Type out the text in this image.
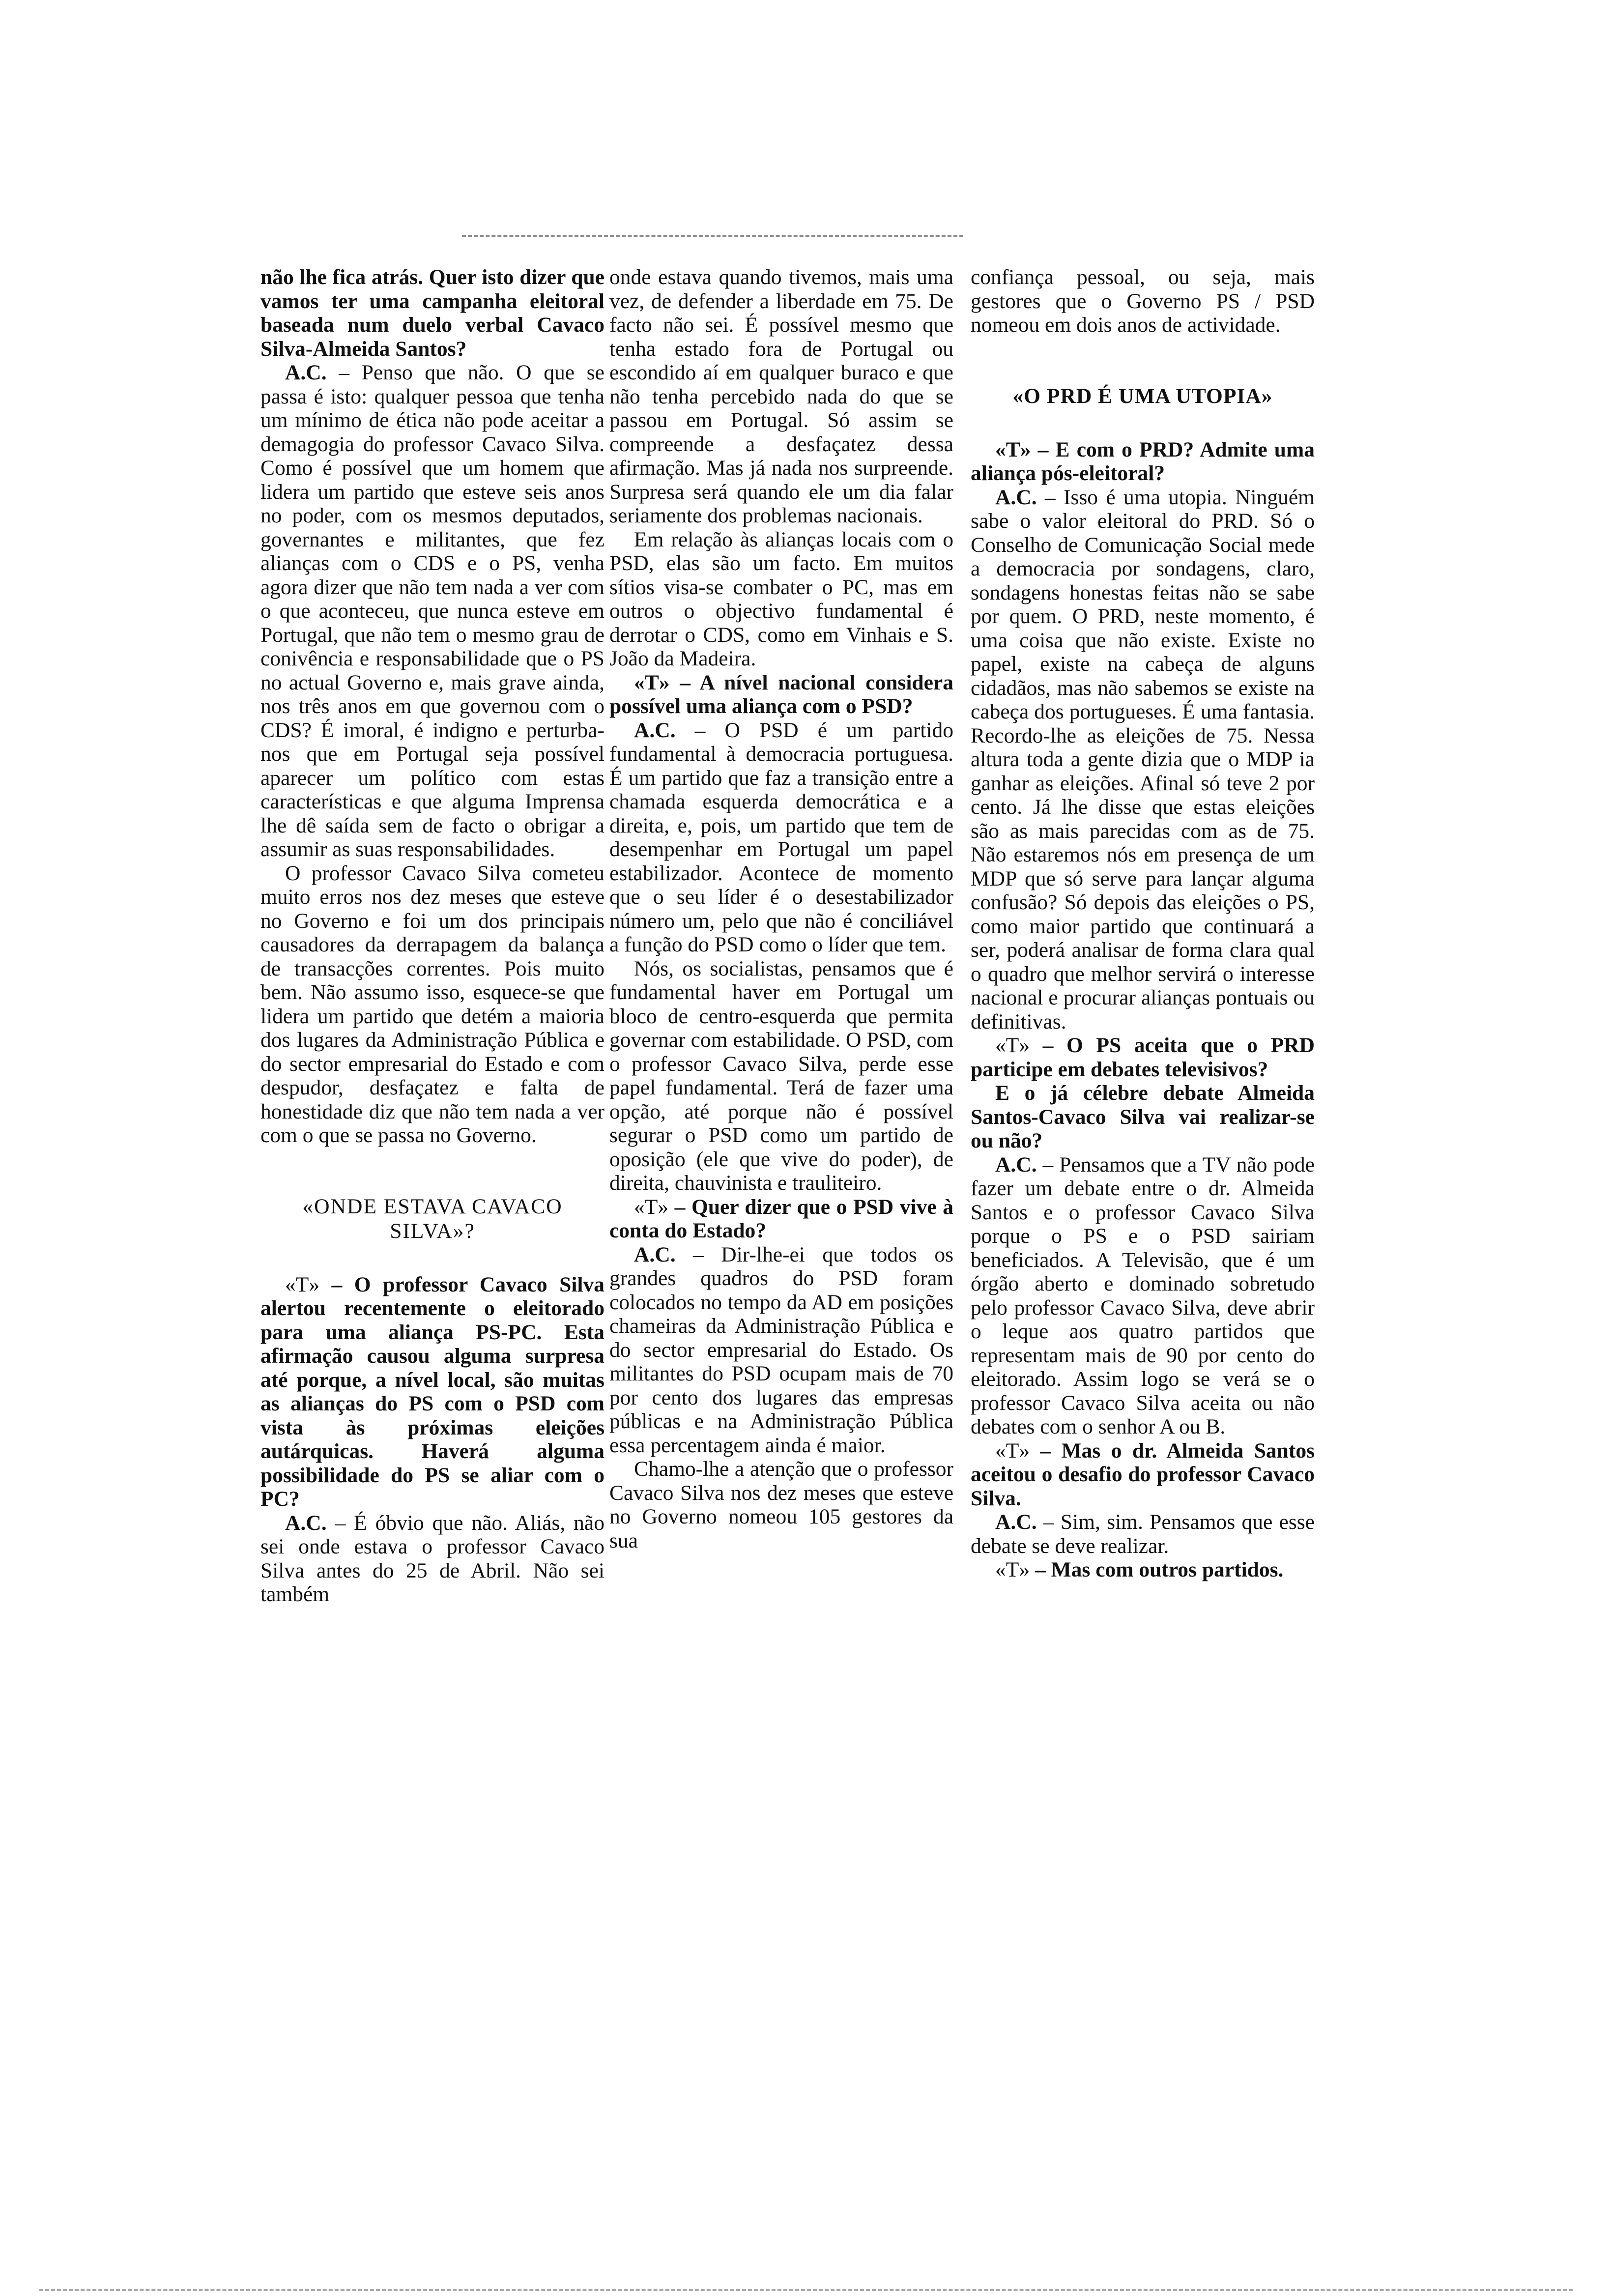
não lhe fica atrás. Quer isto dizer que vamos ter uma campanha eleitoral baseada num duelo verbal Cavaco Silva-Almeida Santos?

A.C. – Penso que não. O que se passa é isto: qualquer pessoa que tenha um mínimo de ética não pode aceitar a demagogia do professor Cavaco Silva. Como é possível que um homem que lidera um partido que esteve seis anos no poder, com os mesmos deputados, governantes e militantes, que fez alianças com o CDS e o PS, venha agora dizer que não tem nada a ver com o que aconteceu, que nunca esteve em Portugal, que não tem o mesmo grau de conivência e responsabilidade que o PS no actual Governo e, mais grave ainda, nos três anos em que governou com o CDS? É imoral, é indigno e perturba-nos que em Portugal seja possível aparecer um político com estas características e que alguma Imprensa lhe dê saída sem de facto o obrigar a assumir as suas responsabilidades.

O professor Cavaco Silva cometeu muito erros nos dez meses que esteve no Governo e foi um dos principais causadores da derrapagem da balança de transacções correntes. Pois muito bem. Não assumo isso, esquece-se que lidera um partido que detém a maioria dos lugares da Administração Pública e do sector empresarial do Estado e com despudor, desfaçatez e falta de honestidade diz que não tem nada a ver com o que se passa no Governo.

«ONDE ESTAVA CAVACO SILVA»?

«T» – O professor Cavaco Silva alertou recentemente o eleitorado para uma aliança PS-PC. Esta afirmação causou alguma surpresa até porque, a nível local, são muitas as alianças do PS com o PSD com vista às próximas eleições autárquicas. Haverá alguma possibilidade do PS se aliar com o PC?

A.C. – É óbvio que não. Aliás, não sei onde estava o professor Cavaco Silva antes do 25 de Abril. Não sei também

onde estava quando tivemos, mais uma vez, de defender a liberdade em 75. De facto não sei. É possível mesmo que tenha estado fora de Portugal ou escondido aí em qualquer buraco e que não tenha percebido nada do que se passou em Portugal. Só assim se compreende a desfaçatez dessa afirmação. Mas já nada nos surpreende. Surpresa será quando ele um dia falar seriamente dos problemas nacionais.

Em relação às alianças locais com o PSD, elas são um facto. Em muitos sítios visa-se combater o PC, mas em outros o objectivo fundamental é derrotar o CDS, como em Vinhais e S. João da Madeira.

«T» – A nível nacional considera possível uma aliança com o PSD?

A.C. – O PSD é um partido fundamental à democracia portuguesa. É um partido que faz a transição entre a chamada esquerda democrática e a direita, e, pois, um partido que tem de desempenhar em Portugal um papel estabilizador. Acontece de momento que o seu líder é o desestabilizador número um, pelo que não é conciliável a função do PSD como o líder que tem.

Nós, os socialistas, pensamos que é fundamental haver em Portugal um bloco de centro-esquerda que permita governar com estabilidade. O PSD, com o professor Cavaco Silva, perde esse papel fundamental. Terá de fazer uma opção, até porque não é possível segurar o PSD como um partido de oposição (ele que vive do poder), de direita, chauvinista e trauliteiro.

«T» – Quer dizer que o PSD vive à conta do Estado?

A.C. – Dir-lhe-ei que todos os grandes quadros do PSD foram colocados no tempo da AD em posições chameiras da Administração Pública e do sector empresarial do Estado. Os militantes do PSD ocupam mais de 70 por cento dos lugares das empresas públicas e na Administração Pública essa percentagem ainda é maior.

Chamo-lhe a atenção que o professor Cavaco Silva nos dez meses que esteve no Governo nomeou 105 gestores da sua

confiança pessoal, ou seja, mais gestores que o Governo PS / PSD nomeou em dois anos de actividade.

«O PRD É UMA UTOPIA»

«T» – E com o PRD? Admite uma aliança pós-eleitoral?

A.C. – Isso é uma utopia. Ninguém sabe o valor eleitoral do PRD. Só o Conselho de Comunicação Social mede a democracia por sondagens, claro, sondagens honestas feitas não se sabe por quem. O PRD, neste momento, é uma coisa que não existe. Existe no papel, existe na cabeça de alguns cidadãos, mas não sabemos se existe na cabeça dos portugueses. É uma fantasia. Recordo-lhe as eleições de 75. Nessa altura toda a gente dizia que o MDP ia ganhar as eleições. Afinal só teve 2 por cento. Já lhe disse que estas eleições são as mais parecidas com as de 75. Não estaremos nós em presença de um MDP que só serve para lançar alguma confusão? Só depois das eleições o PS, como maior partido que continuará a ser, poderá analisar de forma clara qual o quadro que melhor servirá o interesse nacional e procurar alianças pontuais ou definitivas.

«T» – O PS aceita que o PRD participe em debates televisivos?

E o já célebre debate Almeida Santos-Cavaco Silva vai realizar-se ou não?

A.C. – Pensamos que a TV não pode fazer um debate entre o dr. Almeida Santos e o professor Cavaco Silva porque o PS e o PSD sairiam beneficiados. A Televisão, que é um órgão aberto e dominado sobretudo pelo professor Cavaco Silva, deve abrir o leque aos quatro partidos que representam mais de 90 por cento do eleitorado. Assim logo se verá se o professor Cavaco Silva aceita ou não debates com o senhor A ou B.

«T» – Mas o dr. Almeida Santos aceitou o desafio do professor Cavaco Silva.

A.C. – Sim, sim. Pensamos que esse debate se deve realizar.

«T» – Mas com outros partidos.
